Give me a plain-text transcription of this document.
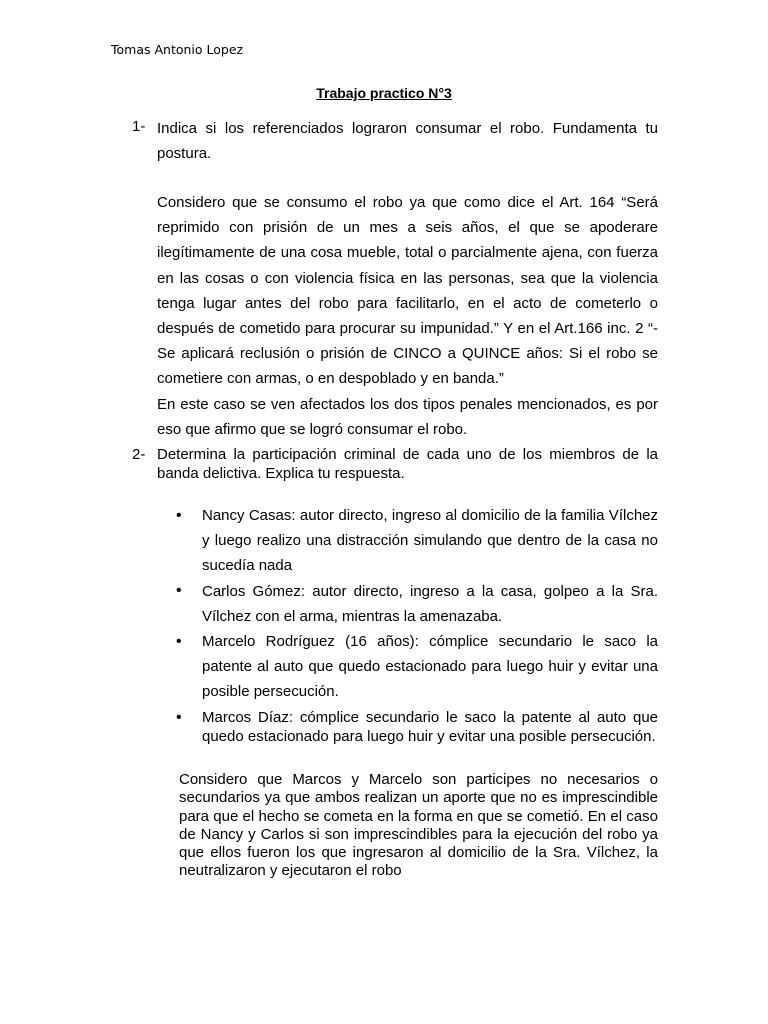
Tomas Antonio Lopez
Trabajo practico N°3
1- Indica si los referenciados lograron consumar el robo. Fundamenta tu postura.
Considero que se consumo el robo ya que como dice el Art. 164 “Será reprimido con prisión de un mes a seis años, el que se apoderare ilegítimamente de una cosa mueble, total o parcialmente ajena, con fuerza en las cosas o con violencia física en las personas, sea que la violencia tenga lugar antes del robo para facilitarlo, en el acto de cometerlo o después de cometido para procurar su impunidad.” Y en el Art.166 inc. 2 “-Se aplicará reclusión o prisión de CINCO a QUINCE años: Si el robo se cometiere con armas, o en despoblado y en banda.”
En este caso se ven afectados los dos tipos penales mencionados, es por eso que afirmo que se logró consumar el robo.
2- Determina la participación criminal de cada uno de los miembros de la banda delictiva. Explica tu respuesta.
• Nancy Casas: autor directo, ingreso al domicilio de la familia Vílchez y luego realizo una distracción simulando que dentro de la casa no sucedía nada
• Carlos Gómez: autor directo, ingreso a la casa, golpeo a la Sra. Vílchez con el arma, mientras la amenazaba.
• Marcelo Rodríguez (16 años): cómplice secundario le saco la patente al auto que quedo estacionado para luego huir y evitar una posible persecución.
• Marcos Díaz: cómplice secundario le saco la patente al auto que quedo estacionado para luego huir y evitar una posible persecución.
Considero que Marcos y Marcelo son participes no necesarios o secundarios ya que ambos realizan un aporte que no es imprescindible para que el hecho se cometa en la forma en que se cometió. En el caso de Nancy y Carlos si son imprescindibles para la ejecución del robo ya que ellos fueron los que ingresaron al domicilio de la Sra. Vílchez, la neutralizaron y ejecutaron el robo
